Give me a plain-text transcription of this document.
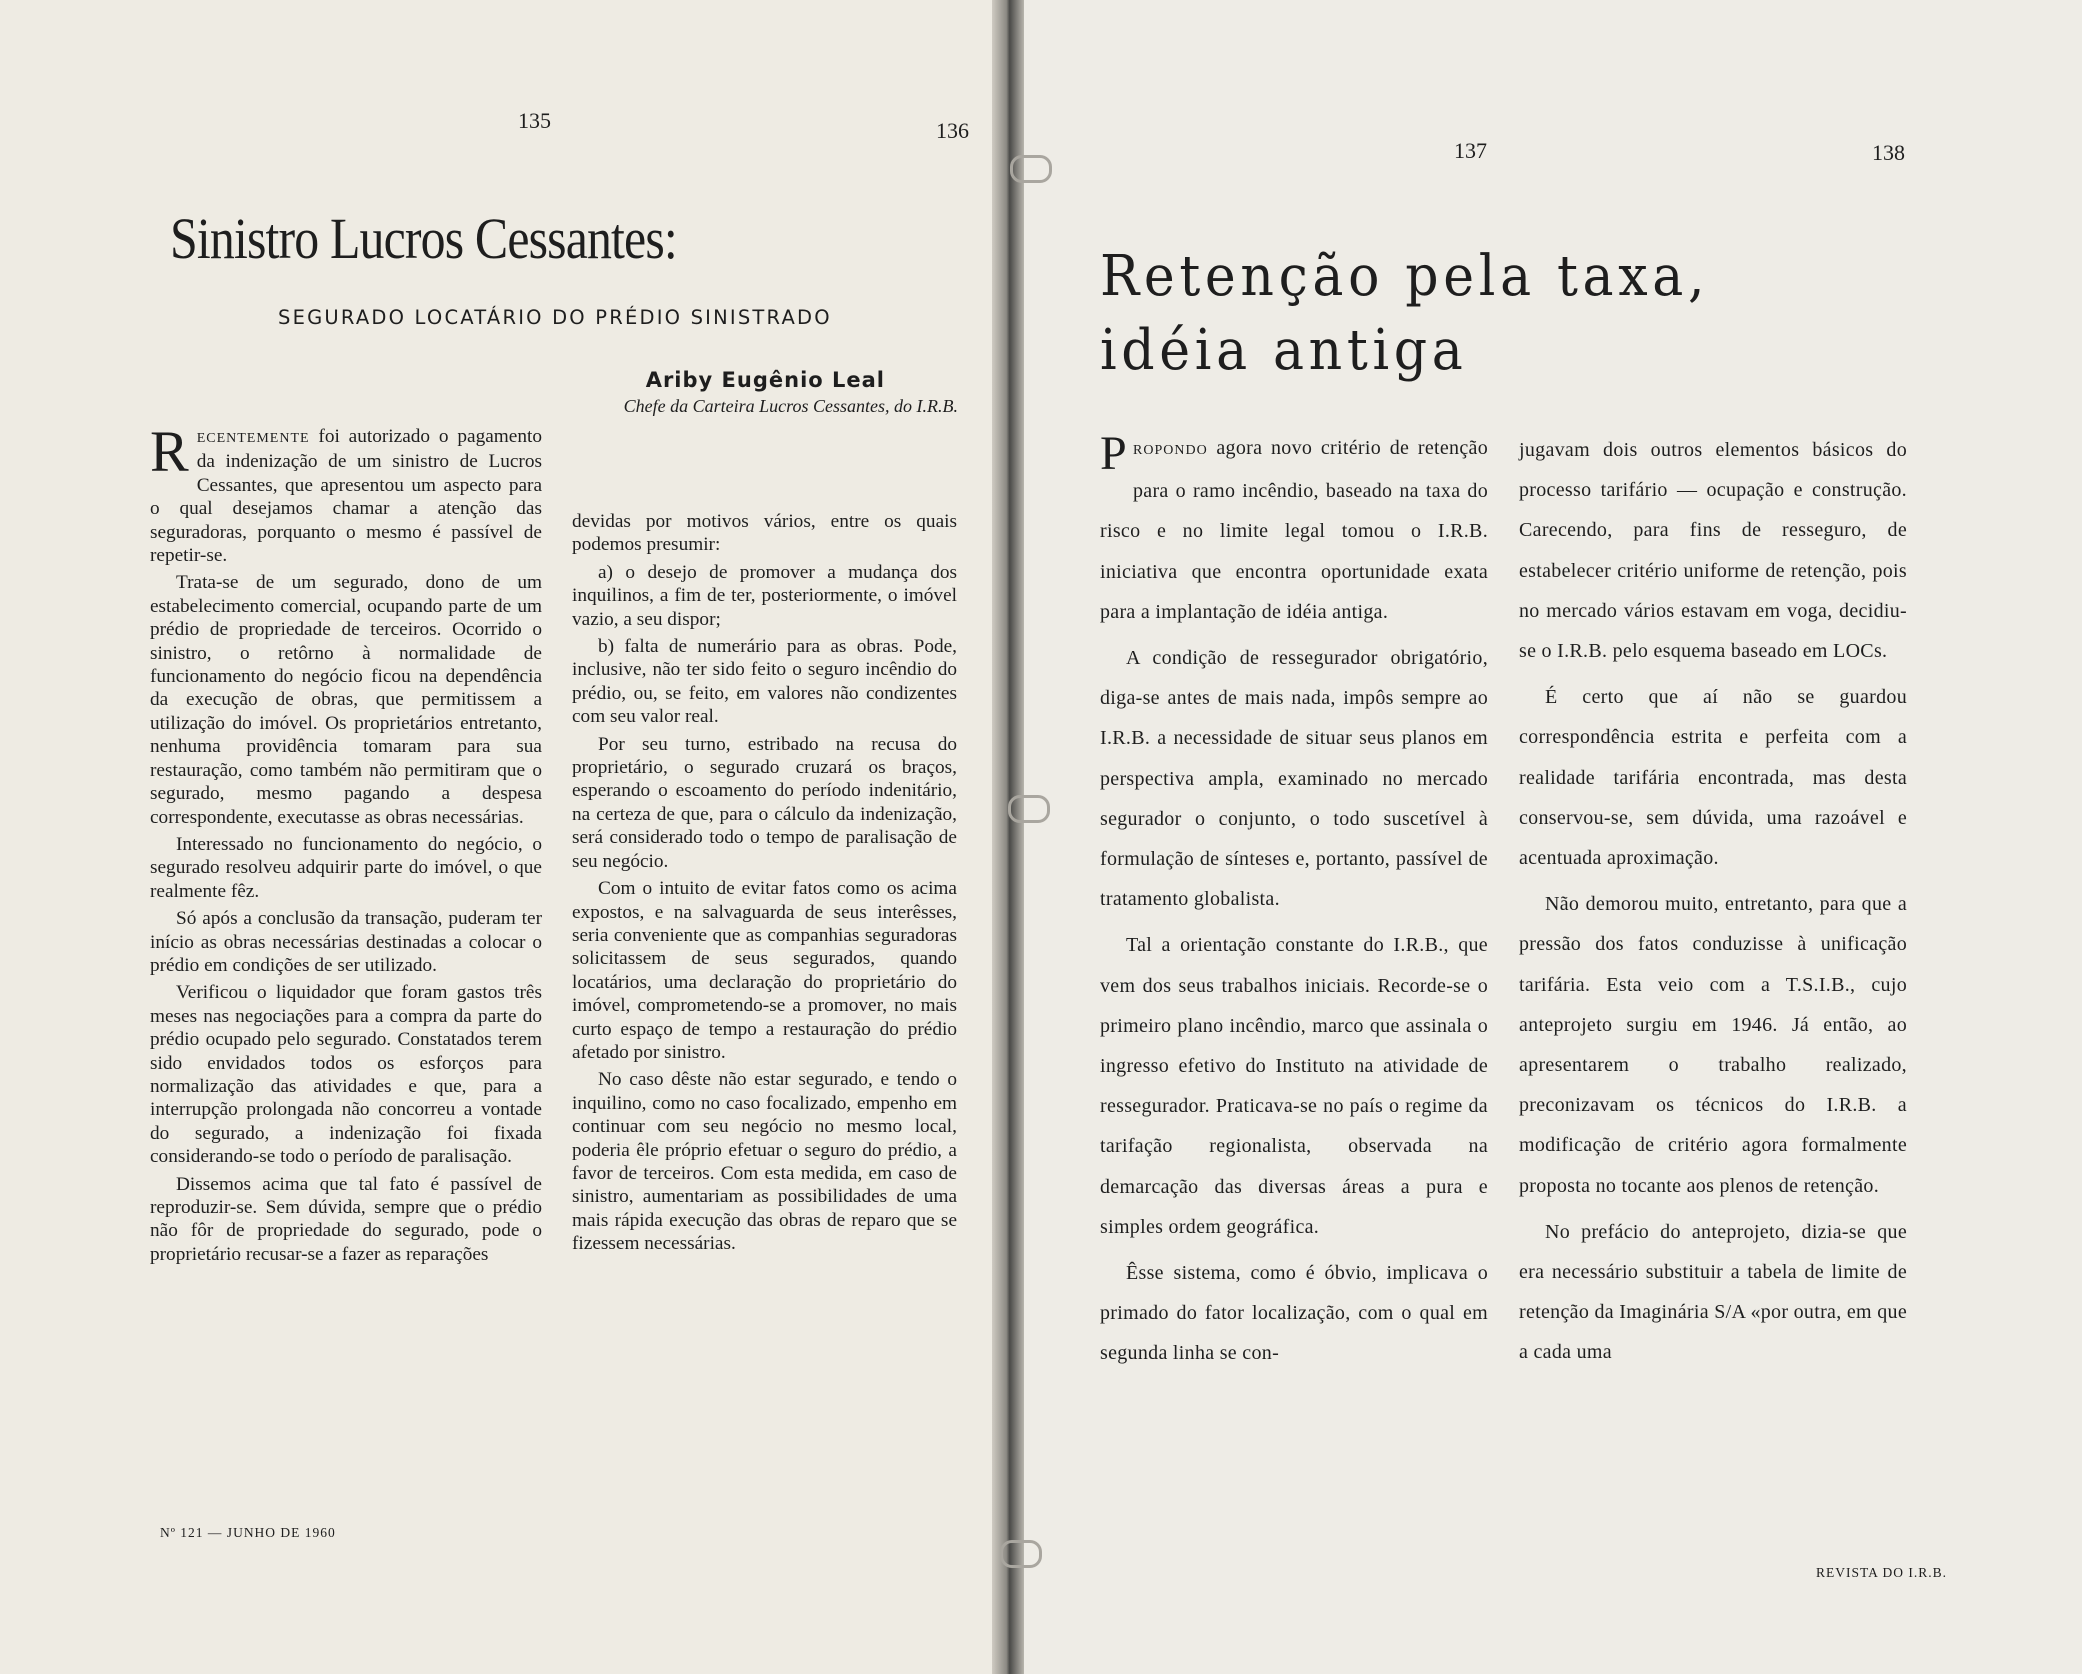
135	136
Sinistro Lucros Cessantes:
SEGURADO LOCATÁRIO DO PRÉDIO SINISTRADO
Ariby Eugênio Leal
Chefe da Carteira Lucros Cessantes, do I.R.B.

RECENTEMENTE foi autorizado o pagamento da indenização de um sinistro de Lucros Cessantes, que apresentou um aspecto para o qual desejamos chamar a atenção das seguradoras, porquanto o mesmo é passível de repetir-se.

Trata-se de um segurado, dono de um estabelecimento comercial, ocupando parte de um prédio de propriedade de terceiros. Ocorrido o sinistro, o retôrno à normalidade de funcionamento do negócio ficou na dependência da execução de obras, que permitissem a utilização do imóvel. Os proprietários entretanto, nenhuma providência tomaram para sua restauração, como também não permitiram que o segurado, mesmo pagando a despesa correspondente, executasse as obras necessárias.

Interessado no funcionamento do negócio, o segurado resolveu adquirir parte do imóvel, o que realmente fêz.

Só após a conclusão da transação, puderam ter início as obras necessárias destinadas a colocar o prédio em condições de ser utilizado.

Verificou o liquidador que foram gastos três meses nas negociações para a compra da parte do prédio ocupado pelo segurado. Constatados terem sido envidados todos os esforços para normalização das atividades e que, para a interrupção prolongada não concorreu a vontade do segurado, a indenização foi fixada considerando-se todo o período de paralisação.

Dissemos acima que tal fato é passível de reproduzir-se. Sem dúvida, sempre que o prédio não fôr de propriedade do segurado, pode o proprietário recusar-se a fazer as reparações

devidas por motivos vários, entre os quais podemos presumir:

a) o desejo de promover a mudança dos inquilinos, a fim de ter, posteriormente, o imóvel vazio, a seu dispor;

b) falta de numerário para as obras. Pode, inclusive, não ter sido feito o seguro incêndio do prédio, ou, se feito, em valores não condizentes com seu valor real.

Por seu turno, estribado na recusa do proprietário, o segurado cruzará os braços, esperando o escoamento do período indenitário, na certeza de que, para o cálculo da indenização, será considerado todo o tempo de paralisação de seu negócio.

Com o intuito de evitar fatos como os acima expostos, e na salvaguarda de seus interêsses, seria conveniente que as companhias seguradoras solicitassem de seus segurados, quando locatários, uma declaração do proprietário do imóvel, comprometendo-se a promover, no mais curto espaço de tempo a restauração do prédio afetado por sinistro.

No caso dêste não estar segurado, e tendo o inquilino, como no caso focalizado, empenho em continuar com seu negócio no mesmo local, poderia êle próprio efetuar o seguro do prédio, a favor de terceiros. Com esta medida, em caso de sinistro, aumentariam as possibilidades de uma mais rápida execução das obras de reparo que se fizessem necessárias.

Nº 121 — JUNHO DE 1960
137	138
Retenção pela taxa,
idéia antiga

PROPONDO agora novo critério de retenção para o ramo incêndio, baseado na taxa do risco e no limite legal tomou o I.R.B. iniciativa que encontra oportunidade exata para a implantação de idéia antiga.

A condição de ressegurador obrigatório, diga-se antes de mais nada, impôs sempre ao I.R.B. a necessidade de situar seus planos em perspectiva ampla, examinado no mercado segurador o conjunto, o todo suscetível à formulação de sínteses e, portanto, passível de tratamento globalista.

Tal a orientação constante do I.R.B., que vem dos seus trabalhos iniciais. Recorde-se o primeiro plano incêndio, marco que assinala o ingresso efetivo do Instituto na atividade de ressegurador. Praticava-se no país o regime da tarifação regionalista, observada na demarcação das diversas áreas a pura e simples ordem geográfica.

Êsse sistema, como é óbvio, implicava o primado do fator localização, com o qual em segunda linha se con-

jugavam dois outros elementos básicos do processo tarifário — ocupação e construção. Carecendo, para fins de resseguro, de estabelecer critério uniforme de retenção, pois no mercado vários estavam em voga, decidiu-se o I.R.B. pelo esquema baseado em LOCs.

É certo que aí não se guardou correspondência estrita e perfeita com a realidade tarifária encontrada, mas desta conservou-se, sem dúvida, uma razoável e acentuada aproximação.

Não demorou muito, entretanto, para que a pressão dos fatos conduzisse à unificação tarifária. Esta veio com a T.S.I.B., cujo anteprojeto surgiu em 1946. Já então, ao apresentarem o trabalho realizado, preconizavam os técnicos do I.R.B. a modificação de critério agora formalmente proposta no tocante aos plenos de retenção.

No prefácio do anteprojeto, dizia-se que era necessário substituir a tabela de limite de retenção da Imaginária S/A «por outra, em que a cada uma

REVISTA DO I.R.B.
